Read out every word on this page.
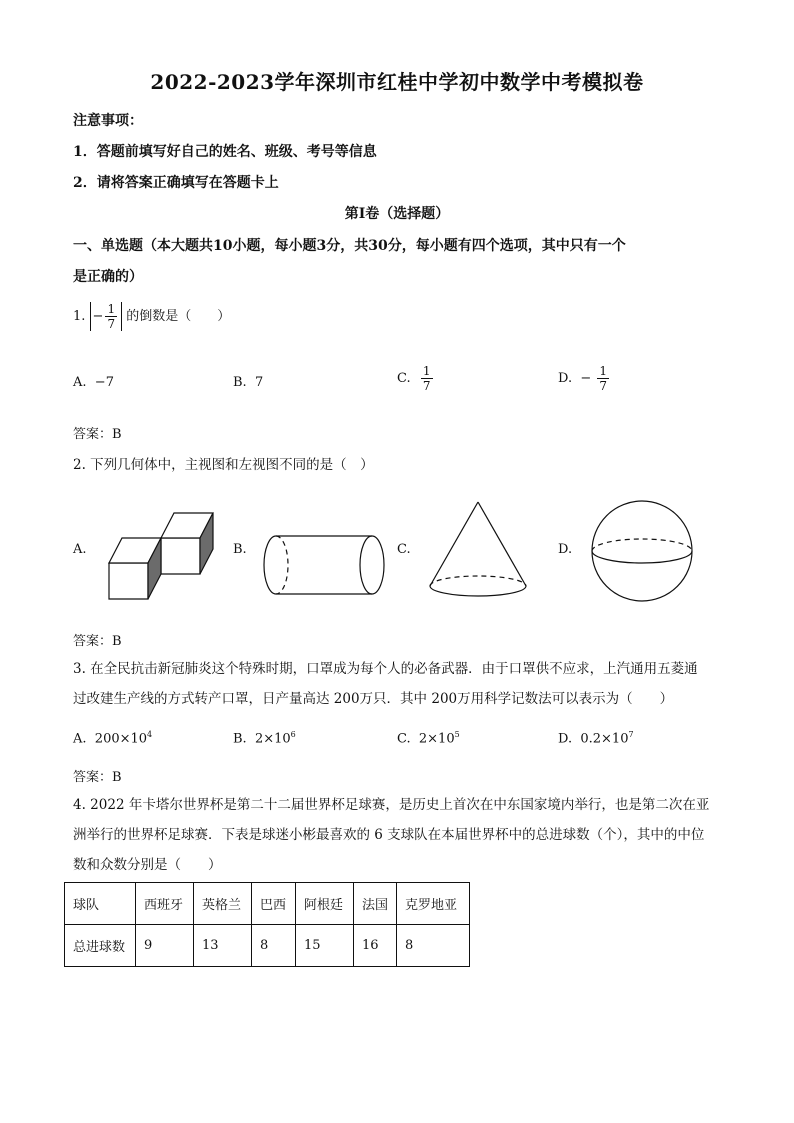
2022-2023学年深圳市红桂中学初中数学中考模拟卷
注意事项：
1．答题前填写好自己的姓名、班级、考号等信息
2．请将答案正确填写在答题卡上
第I卷（选择题）
一、单选题（本大题共10小题，每小题3分，共30分，每小题有四个选项，其中只有一个
是正确的）
1. − $\frac{1}{7}$ 的倒数是（　　）
A. −7	B. 7	C. $\frac{1}{7}$	D. − $\frac{1}{7}$
答案：B
2. 下列几何体中，主视图和左视图不同的是（　）
A.	B.	C.	D.
答案：B
3. 在全民抗击新冠肺炎这个特殊时期，口罩成为每个人的必备武器．由于口罩供不应求，上汽通用五菱通
过改建生产线的方式转产口罩，日产量高达 200万只．其中 200万用科学记数法可以表示为（　　）
A. $200\times 10^4$	B. $2\times 10^6$	C. $2\times 10^5$	D. $0.2\times 10^7$
答案：B
4. 2022 年卡塔尔世界杯是第二十二届世界杯足球赛，是历史上首次在中东国家境内举行，也是第二次在亚
洲举行的世界杯足球赛．下表是球迷小彬最喜欢的 6 支球队在本届世界杯中的总进球数（个），其中的中位
数和众数分别是（　　）
球队	西班牙	英格兰	巴西	阿根廷	法国	克罗地亚
总进球数	9	13	8	15	16	8
